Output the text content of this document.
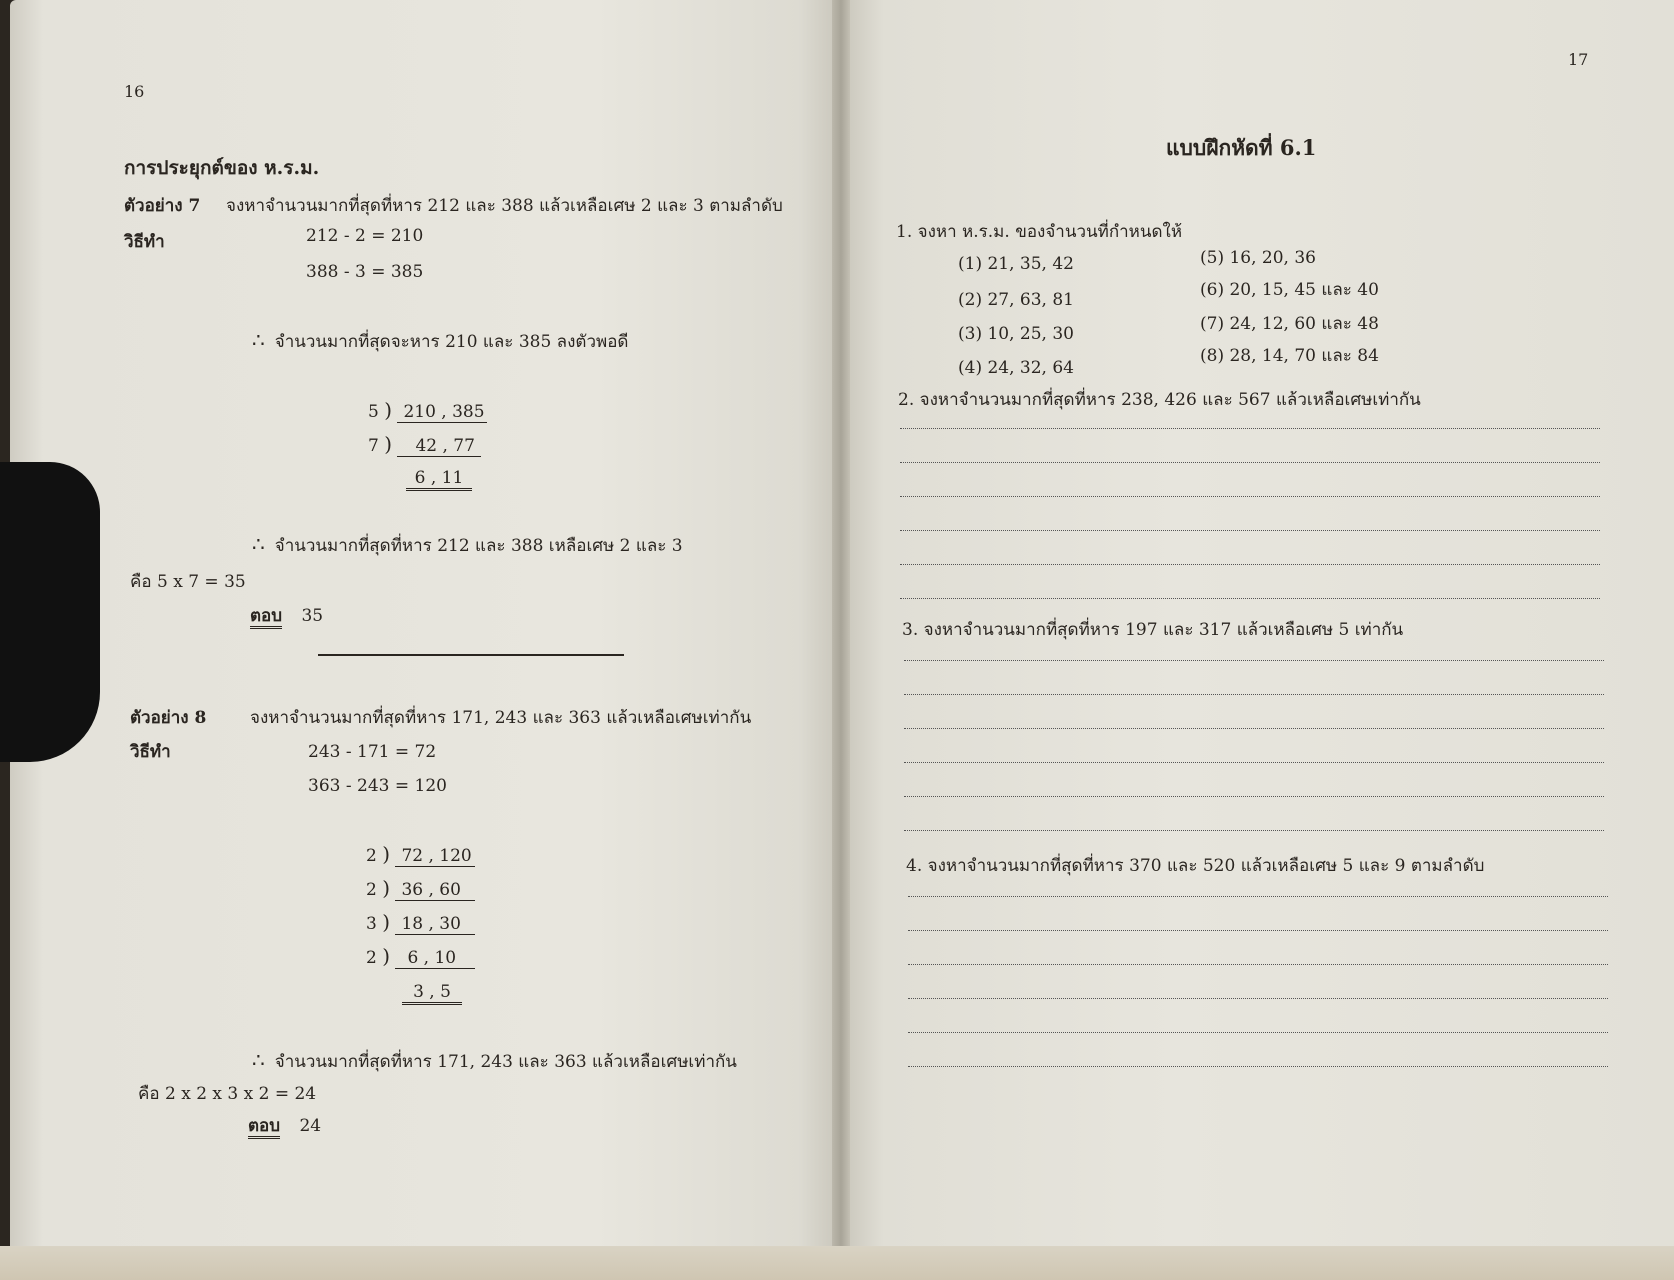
16
การประยุกต์ของ ห.ร.ม.
ตัวอย่าง 7 จงหาจำนวนมากที่สุดที่หาร 212 และ 388 แล้วเหลือเศษ 2 และ 3 ตามลำดับ
วิธีทำ	212 - 2 = 210
388 - 3 = 385
∴ จำนวนมากที่สุดจะหาร 210 และ 385 ลงตัวพอดี
5 ) 210 , 385
7 ) 42 , 77
6 , 11
∴ จำนวนมากที่สุดที่หาร 212 และ 388 เหลือเศษ 2 และ 3
คือ 5 x 7 = 35
ตอบ 35
ตัวอย่าง 8	จงหาจำนวนมากที่สุดที่หาร 171, 243 และ 363 แล้วเหลือเศษเท่ากัน
วิธีทำ	243 - 171 = 72
363 - 243 = 120
2 ) 72 , 120
2 ) 36 , 60
3 ) 18 , 30
2 ) 6 , 10
3 , 5
∴ จำนวนมากที่สุดที่หาร 171, 243 และ 363 แล้วเหลือเศษเท่ากัน
คือ 2 x 2 x 3 x 2 = 24
ตอบ 24
17
แบบฝึกหัดที่ 6.1
1. จงหา ห.ร.ม. ของจำนวนที่กำหนดให้
(1) 21, 35, 42
(2) 27, 63, 81
(3) 10, 25, 30
(4) 24, 32, 64
(5) 16, 20, 36
(6) 20, 15, 45 และ 40
(7) 24, 12, 60 และ 48
(8) 28, 14, 70 และ 84
2. จงหาจำนวนมากที่สุดที่หาร 238, 426 และ 567 แล้วเหลือเศษเท่ากัน
3. จงหาจำนวนมากที่สุดที่หาร 197 และ 317 แล้วเหลือเศษ 5 เท่ากัน
4. จงหาจำนวนมากที่สุดที่หาร 370 และ 520 แล้วเหลือเศษ 5 และ 9 ตามลำดับ
